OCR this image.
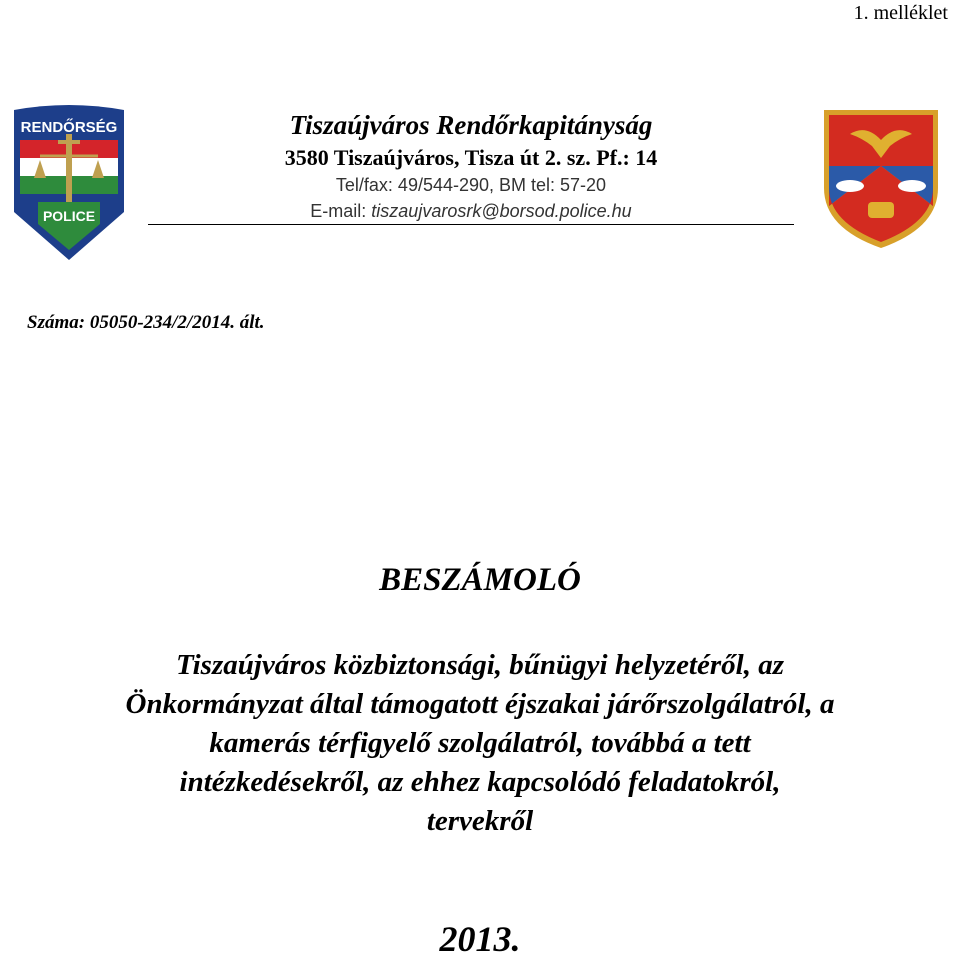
1. melléklet
RENDŐRSÉG
POLICE
Tiszaújváros Rendőrkapitányság
3580 Tiszaújváros, Tisza út 2. sz. Pf.: 14
Tel/fax: 49/544-290, BM tel: 57-20
E-mail: tiszaujvarosrk@borsod.police.hu
Száma: 05050-234/2/2014. ált.
BESZÁMOLÓ
Tiszaújváros közbiztonsági, bűnügyi helyzetéről, az
Önkormányzat által támogatott éjszakai járőrszolgálatról, a
kamerás térfigyelő szolgálatról, továbbá a tett
intézkedésekről, az ehhez kapcsolódó feladatokról,
tervekről
2013.
